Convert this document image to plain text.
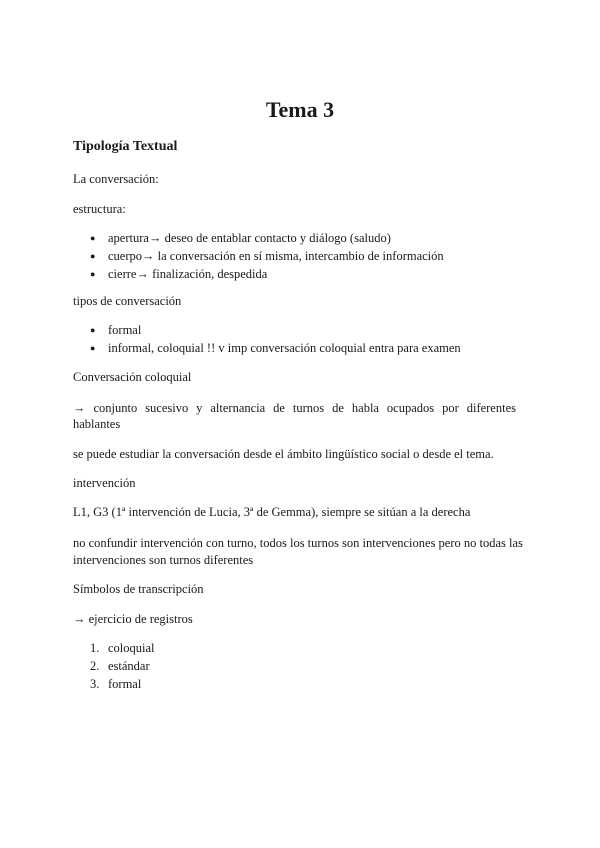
Tema 3
Tipología Textual

La conversación:

estructura:

● apertura→ deseo de entablar contacto y diálogo (saludo)
● cuerpo→ la conversación en sí misma, intercambio de información
● cierre→ finalización, despedida

tipos de conversación

● formal
● informal, coloquial !! v imp conversación coloquial entra para examen

Conversación coloquial

→ conjunto sucesivo y alternancia de turnos de habla ocupados por diferentes

hablantes

se puede estudiar la conversación desde el ámbito lingüístico social o desde el tema.

intervención

L1, G3 (1ª intervención de Lucia, 3ª de Gemma), siempre se sitúan a la derecha

no confundir intervención con turno, todos los turnos son intervenciones pero no todas las intervenciones son turnos diferentes

Símbolos de transcripción

→ ejercicio de registros

1. coloquial
2. estándar
3. formal
